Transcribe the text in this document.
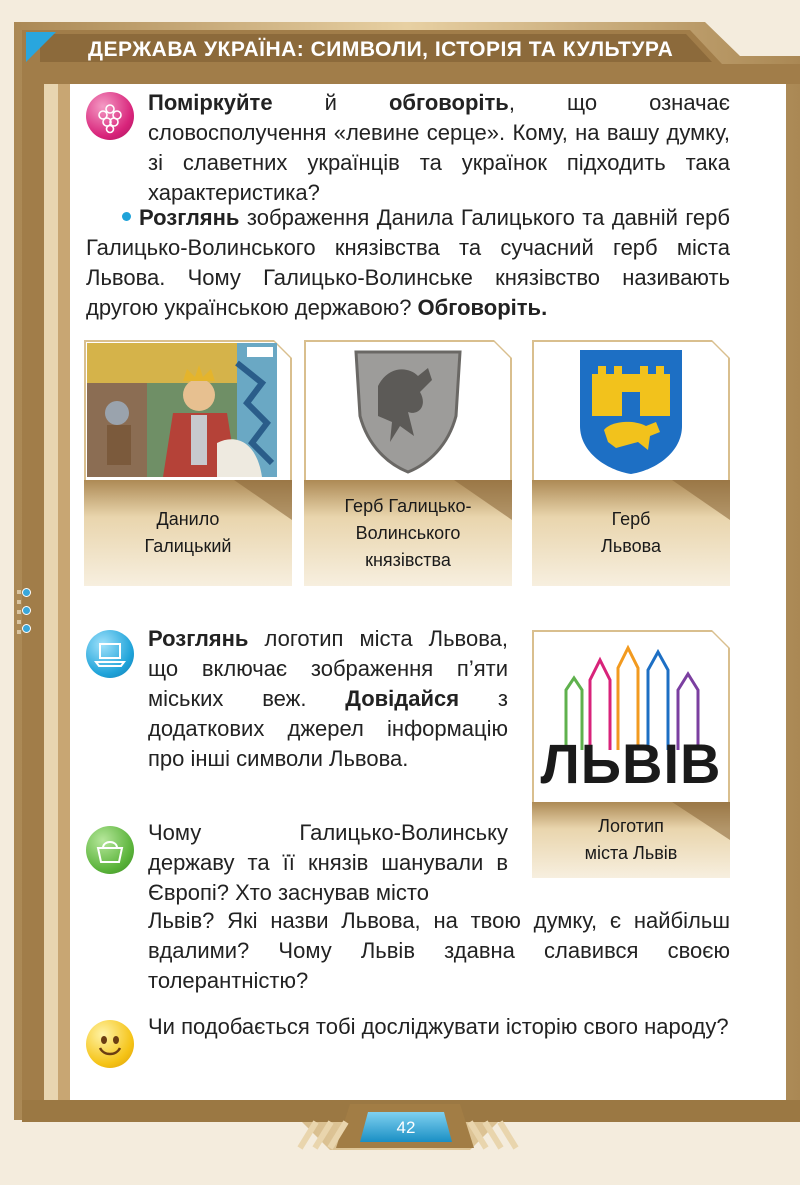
ДЕРЖАВА УКРАЇНА: СИМВОЛИ, ІСТОРІЯ ТА КУЛЬТУРА
Поміркуйте й обговоріть, що означає словосполучення «левине серце». Кому, на вашу думку, зі славетних українців та українок підходить така характеристика?
Розглянь зображення Данила Галицького та давній герб Галицько-Волинського князівства та сучасний герб міста Львова. Чому Галицько-Волинське князівство називають другою українською державою? Обговоріть.
Данило
Галицький
Герб Галицько-
Волинського
князівства
Герб
Львова
Розглянь логотип міста Львова, що включає зображення п’яти міських веж. Довідайся з додаткових джерел інформацію про інші символи Львова.	ЛЬВІВ
Логотип
міста Львів
Чому Галицько-Волинську державу та її князів шанували в Європі? Хто заснував місто
Львів? Які назви Львова, на твою думку, є найбільш вдалими? Чому Львів здавна славився своєю толерантністю?
Чи подобається тобі досліджувати історію свого народу?
42
